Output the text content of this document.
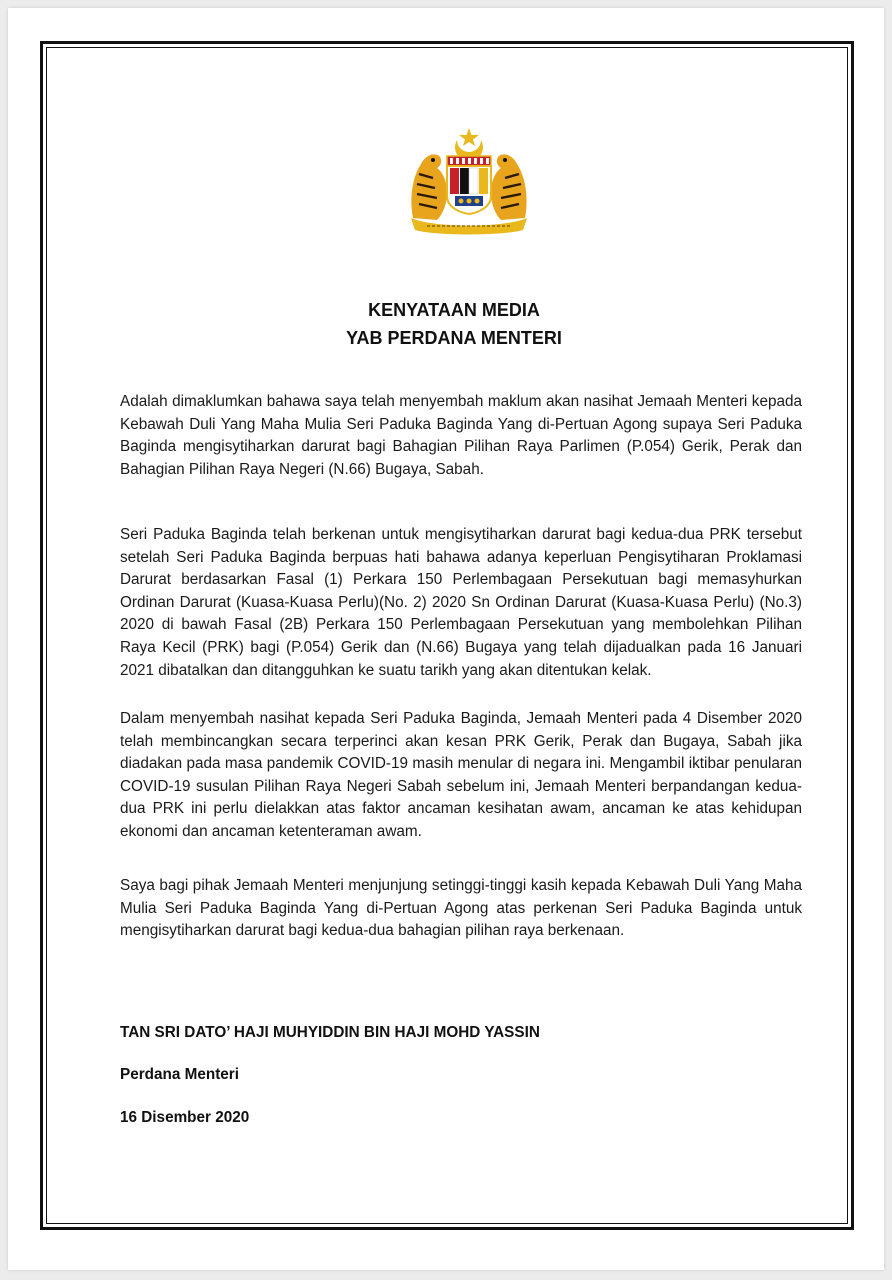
KENYATAAN MEDIA
YAB PERDANA MENTERI

Adalah dimaklumkan bahawa saya telah menyembah maklum akan nasihat Jemaah Menteri kepada Kebawah Duli Yang Maha Mulia Seri Paduka Baginda Yang di-Pertuan Agong supaya Seri Paduka Baginda mengisytiharkan darurat bagi Bahagian Pilihan Raya Parlimen (P.054) Gerik, Perak dan Bahagian Pilihan Raya Negeri (N.66) Bugaya, Sabah.

Seri Paduka Baginda telah berkenan untuk mengisytiharkan darurat bagi kedua-dua PRK tersebut setelah Seri Paduka Baginda berpuas hati bahawa adanya keperluan Pengisytiharan Proklamasi Darurat berdasarkan Fasal (1) Perkara 150 Perlembagaan Persekutuan bagi memasyhurkan Ordinan Darurat (Kuasa-Kuasa Perlu)(No. 2) 2020 Sn Ordinan Darurat (Kuasa-Kuasa Perlu) (No.3) 2020 di bawah Fasal (2B) Perkara 150 Perlembagaan Persekutuan yang membolehkan Pilihan Raya Kecil (PRK) bagi (P.054) Gerik dan (N.66) Bugaya yang telah dijadualkan pada 16 Januari 2021 dibatalkan dan ditangguhkan ke suatu tarikh yang akan ditentukan kelak.

Dalam menyembah nasihat kepada Seri Paduka Baginda, Jemaah Menteri pada 4 Disember 2020 telah membincangkan secara terperinci akan kesan PRK Gerik, Perak dan Bugaya, Sabah jika diadakan pada masa pandemik COVID-19 masih menular di negara ini. Mengambil iktibar penularan COVID-19 susulan Pilihan Raya Negeri Sabah sebelum ini, Jemaah Menteri berpandangan kedua-dua PRK ini perlu dielakkan atas faktor ancaman kesihatan awam, ancaman ke atas kehidupan ekonomi dan ancaman ketenteraman awam.

Saya bagi pihak Jemaah Menteri menjunjung setinggi-tinggi kasih kepada Kebawah Duli Yang Maha Mulia Seri Paduka Baginda Yang di-Pertuan Agong atas perkenan Seri Paduka Baginda untuk mengisytiharkan darurat bagi kedua-dua bahagian pilihan raya berkenaan.

TAN SRI DATO’ HAJI MUHYIDDIN BIN HAJI MOHD YASSIN

Perdana Menteri

16 Disember 2020
